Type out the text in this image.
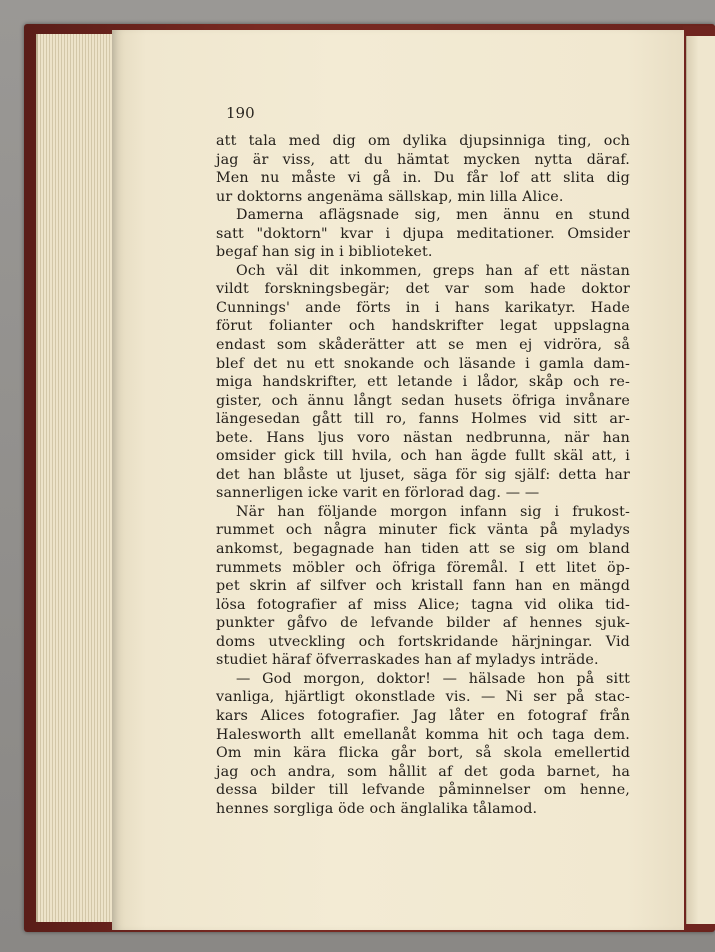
190

att tala med dig om dylika djupsinniga ting, och
jag är viss, att du hämtat mycken nytta däraf.
Men nu måste vi gå in. Du får lof att slita dig
ur doktorns angenäma sällskap, min lilla Alice.
Damerna aflägsnade sig, men ännu en stund
satt "doktorn" kvar i djupa meditationer. Omsider
begaf han sig in i biblioteket.
Och väl dit inkommen, greps han af ett nästan
vildt forskningsbegär; det var som hade doktor
Cunnings' ande förts in i hans karikatyr. Hade
förut folianter och handskrifter legat uppslagna
endast som skåderätter att se men ej vidröra, så
blef det nu ett snokande och läsande i gamla dam-
miga handskrifter, ett letande i lådor, skåp och re-
gister, och ännu långt sedan husets öfriga invånare
längesedan gått till ro, fanns Holmes vid sitt ar-
bete. Hans ljus voro nästan nedbrunna, när han
omsider gick till hvila, och han ägde fullt skäl att, i
det han blåste ut ljuset, säga för sig själf: detta har
sannerligen icke varit en förlorad dag. — —
När han följande morgon infann sig i frukost-
rummet och några minuter fick vänta på myladys
ankomst, begagnade han tiden att se sig om bland
rummets möbler och öfriga föremål. I ett litet öp-
pet skrin af silfver och kristall fann han en mängd
lösa fotografier af miss Alice; tagna vid olika tid-
punkter gåfvo de lefvande bilder af hennes sjuk-
doms utveckling och fortskridande härjningar. Vid
studiet häraf öfverraskades han af myladys inträde.
— God morgon, doktor! — hälsade hon på sitt
vanliga, hjärtligt okonstlade vis. — Ni ser på stac-
kars Alices fotografier. Jag låter en fotograf från
Halesworth allt emellanåt komma hit och taga dem.
Om min kära flicka går bort, så skola emellertid
jag och andra, som hållit af det goda barnet, ha
dessa bilder till lefvande påminnelser om henne,
hennes sorgliga öde och änglalika tålamod.
